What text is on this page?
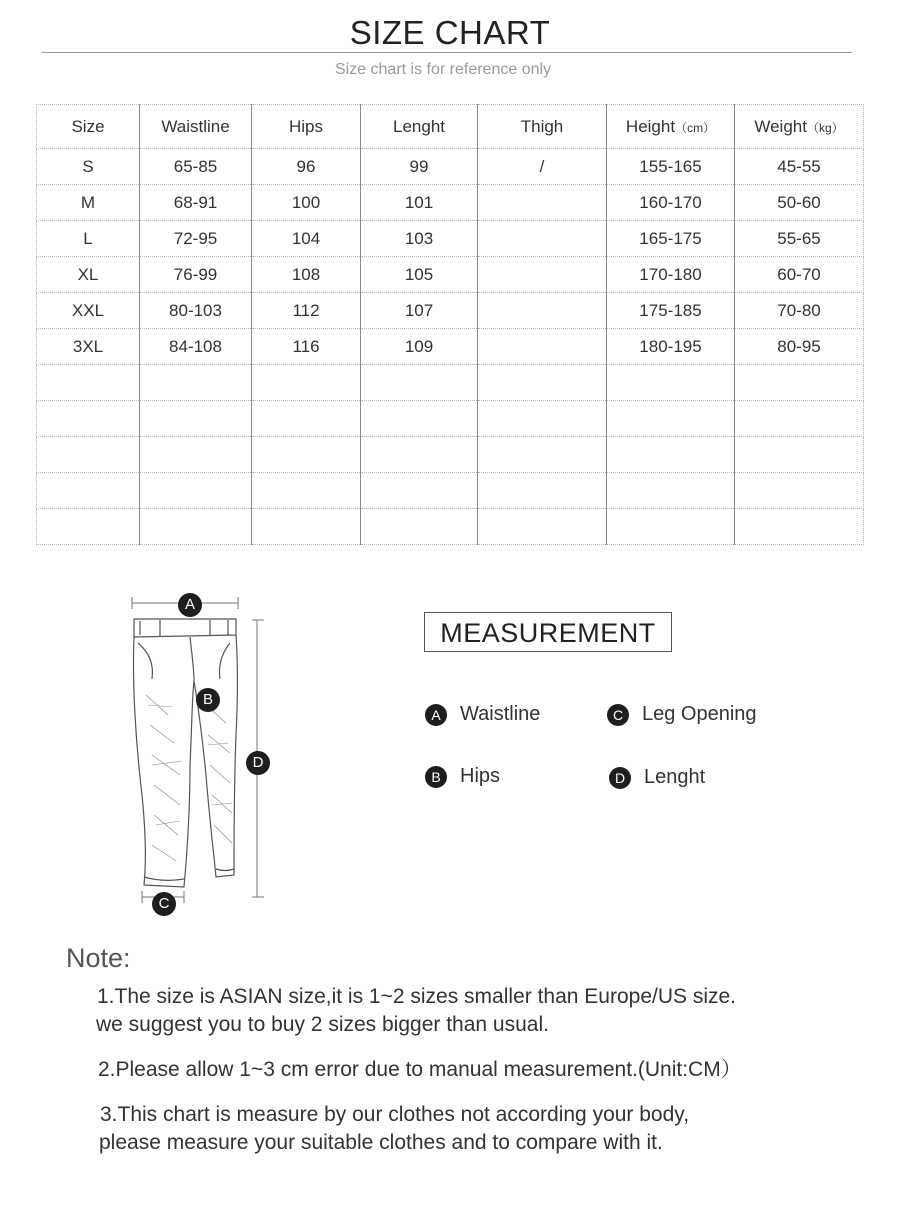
SIZE CHART
Size chart is for reference only
Size	Waistline	Hips	Lenght	Thigh	Height（cm）	Weight（kg）
S	65-85	96	99	/	155-165	45-55
M	68-91	100	101		160-170	50-60
L	72-95	104	103		165-175	55-65
XL	76-99	108	105		170-180	60-70
XXL	80-103	112	107		175-185	70-80
3XL	84-108	116	109		180-195	80-95

A
B
C
D
MEASUREMENT
A Waistline
B Hips
C Leg Opening
D Lenght
Note:
1.The size is ASIAN size,it is 1~2 sizes smaller than Europe/US size.
we suggest you to buy 2 sizes bigger than usual.
2.Please allow 1~3 cm error due to manual measurement.(Unit:CM）
3.This chart is measure by our clothes not according your body,
please measure your suitable clothes and to compare with it.
